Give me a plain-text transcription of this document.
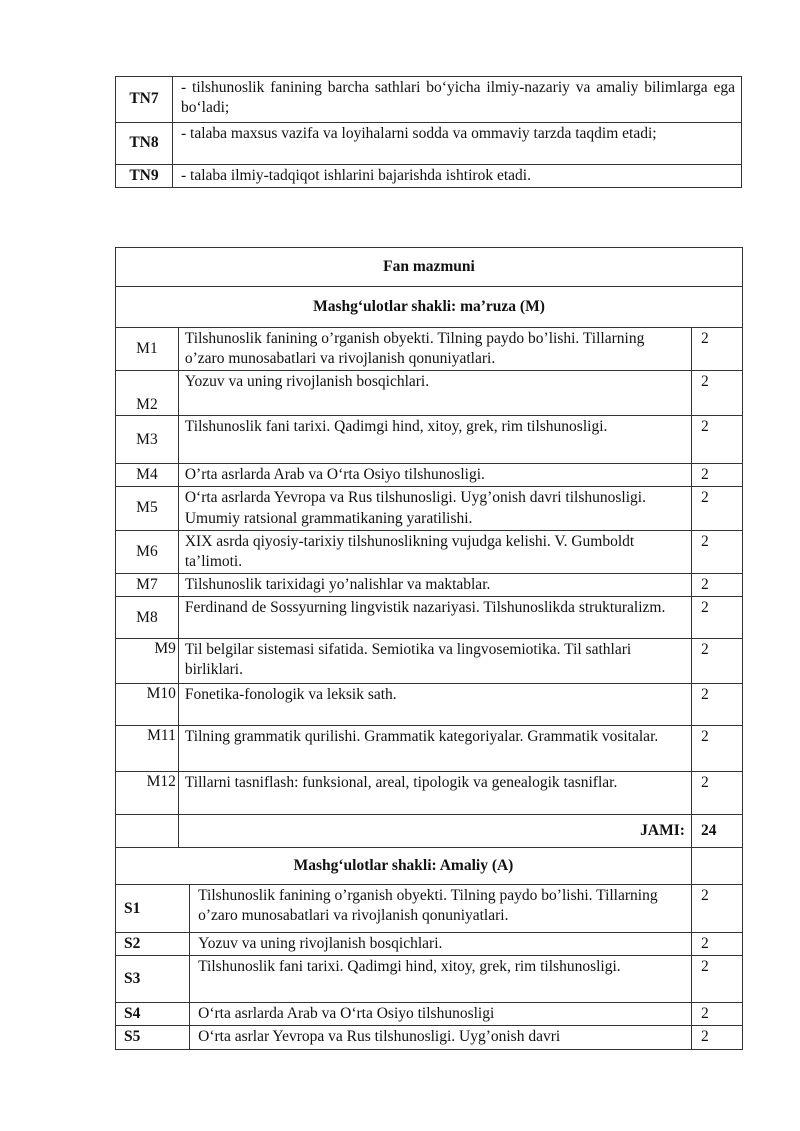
TN7	- tilshunoslik fanining barcha sathlari bo‘yicha ilmiy-nazariy va amaliy bilimlarga ega bo‘ladi;
TN8	- talaba maxsus vazifa va loyihalarni sodda va ommaviy tarzda taqdim etadi;
TN9	- talaba ilmiy-tadqiqot ishlarini bajarishda ishtirok etadi.
Fan mazmuni			
Mashg‘ulotlar shakli: ma’ruza (M)			
M1	Tilshunoslik fanining o’rganish obyekti. Tilning paydo bo’lishi. Tillarning o’zaro munosabatlari va rivojlanish qonuniyatlari.		2
M2	Yozuv va uning rivojlanish bosqichlari.		2
M3	Tilshunoslik fani tarixi. Qadimgi hind, xitoy, grek, rim tilshunosligi.		2
M4	O’rta asrlarda Arab va O‘rta Osiyo tilshunosligi.		2
M5	O‘rta asrlarda Yevropa va Rus tilshunosligi. Uyg’onish davri tilshunosligi. Umumiy ratsional grammatikaning yaratilishi.		2
M6	XIX asrda qiyosiy-tarixiy tilshunoslikning vujudga kelishi. V. Gumboldt ta’limoti.		2
M7	Tilshunoslik tarixidagi yo’nalishlar va maktablar.		2
M8	Ferdinand de Sossyurning lingvistik nazariyasi. Tilshunoslikda strukturalizm.		2
M9	Til belgilar sistemasi sifatida. Semiotika va lingvosemiotika. Til sathlari birliklari.		2
M10	Fonetika-fonologik va leksik sath.		2
M11	Tilning grammatik qurilishi. Grammatik kategoriyalar. Grammatik vositalar.		2
M12	Tillarni tasniflash: funksional, areal, tipologik va genealogik tasniflar.		2
	JAMI:		24
Mashg‘ulotlar shakli: Amaliy (A)			
S1		Tilshunoslik fanining o’rganish obyekti. Tilning paydo bo’lishi. Tillarning o’zaro munosabatlari va rivojlanish qonuniyatlari.	2
S2		Yozuv va uning rivojlanish bosqichlari.	2
S3		Tilshunoslik fani tarixi. Qadimgi hind, xitoy, grek, rim tilshunosligi.	2
S4		O‘rta asrlarda Arab va O‘rta Osiyo tilshunosligi	2
S5		O‘rta asrlar Yevropa va Rus tilshunosligi. Uyg’onish davri	2
